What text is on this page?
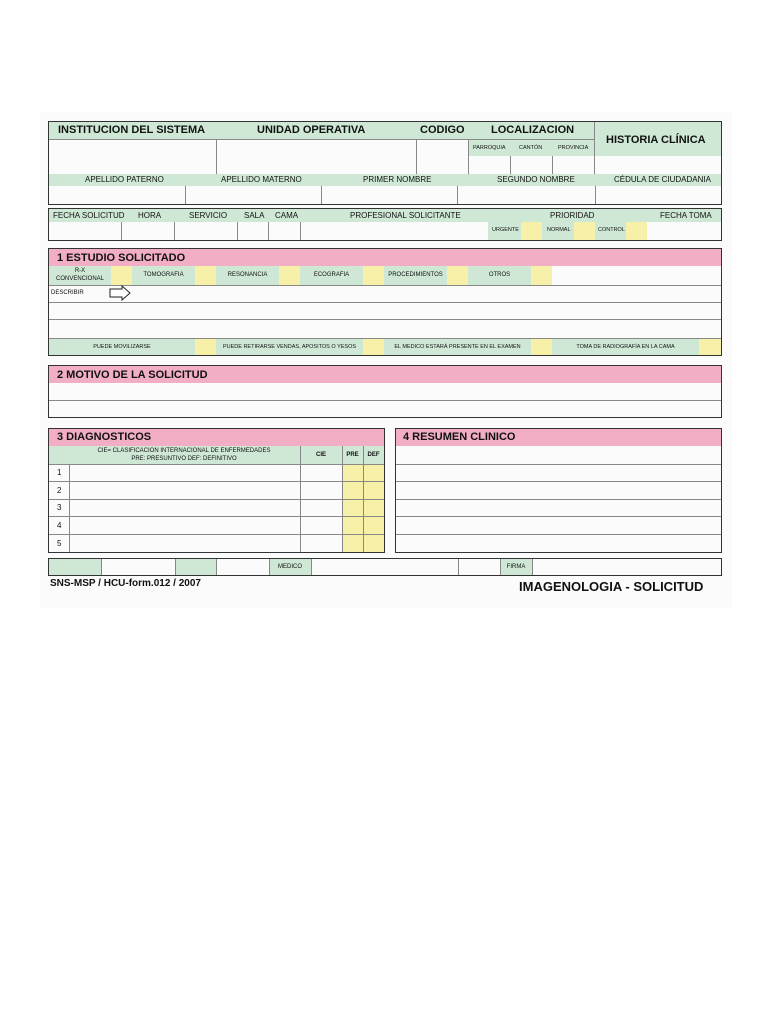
INSTITUCION DEL SISTEMA	UNIDAD OPERATIVA	CODIGO LOCALIZACION
HISTORIA CLÍNICA
PARROQUIA CANTÓN	PROVINCIA
APELLIDO PATERNO	APELLIDO MATERNO	PRIMER NOMBRE	SEGUNDO NOMBRE	CÉDULA DE CIUDADANIA
FECHA SOLICITUD HORA	SERVICIO SALA CAMA	PROFESIONAL SOLICITANTE	PRIORIDAD	FECHA TOMA
URGENTE	NORMAL	CONTROL
1 ESTUDIO SOLICITADO
R-X
CONVENCIONAL
TOMOGRAFIA	RESONANCIA	ECOGRAFIA	PROCEDIMIENTOS	OTROS
DESCRIBIR
PUEDE MOVILIZARSE	PUEDE RETIRARSE VENDAS, APOSITOS O YESOS	EL MEDICO ESTARÁ PRESENTE EN EL EXAMEN	TOMA DE RADIOGRAFÍA EN LA CAMA
2 MOTIVO DE LA SOLICITUD
3 DIAGNOSTICOS
CIE= CLASIFICACION INTERNACIONAL DE ENFERMEDADES
PRE: PRESUNTIVO DEF: DEFINITIVO
CIE	PRE	DEF
1
2
3
4
5
4 RESUMEN CLINICO
MEDICO	FIRMA
SNS-MSP / HCU-form.012 / 2007	IMAGENOLOGIA - SOLICITUD
